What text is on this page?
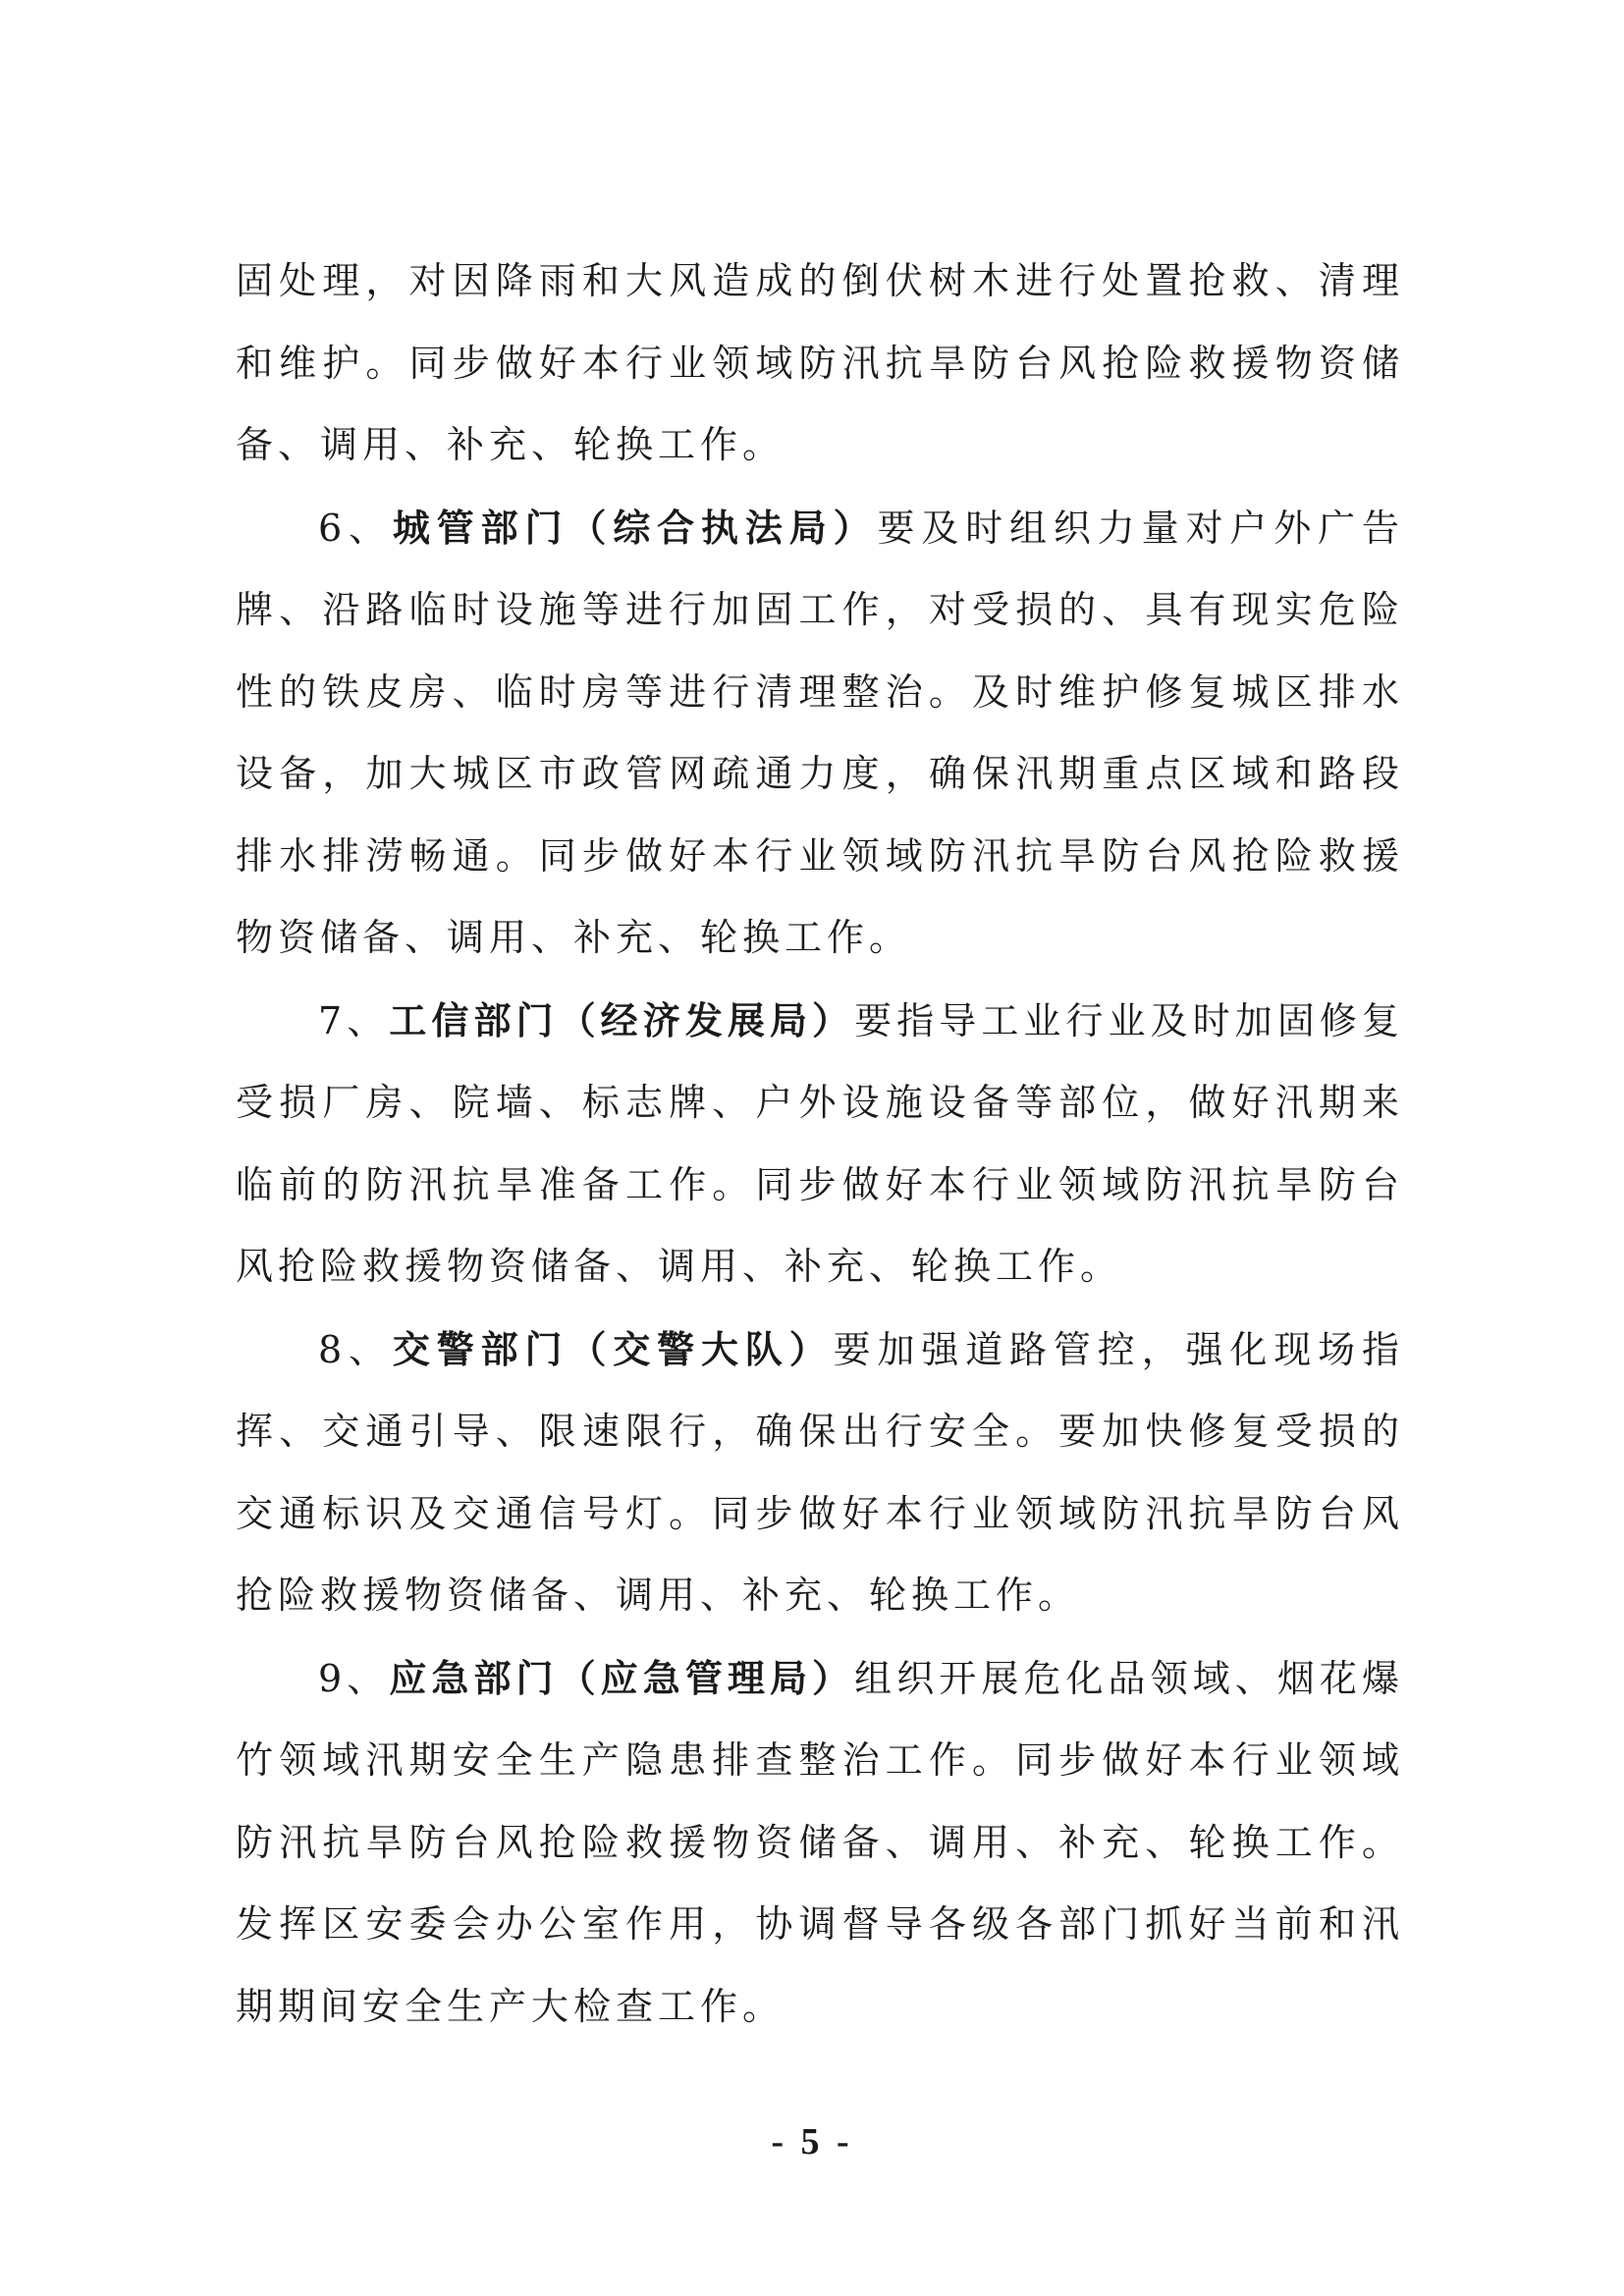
固处理，对因降雨和大风造成的倒伏树木进行处置抢救、清理和维护。同步做好本行业领域防汛抗旱防台风抢险救援物资储备、调用、补充、轮换工作。

6、城管部门（综合执法局）要及时组织力量对户外广告牌、沿路临时设施等进行加固工作，对受损的、具有现实危险性的铁皮房、临时房等进行清理整治。及时维护修复城区排水设备，加大城区市政管网疏通力度，确保汛期重点区域和路段排水排涝畅通。同步做好本行业领域防汛抗旱防台风抢险救援物资储备、调用、补充、轮换工作。

7、工信部门（经济发展局）要指导工业行业及时加固修复受损厂房、院墙、标志牌、户外设施设备等部位，做好汛期来临前的防汛抗旱准备工作。同步做好本行业领域防汛抗旱防台风抢险救援物资储备、调用、补充、轮换工作。

8、交警部门（交警大队）要加强道路管控，强化现场指挥、交通引导、限速限行，确保出行安全。要加快修复受损的交通标识及交通信号灯。同步做好本行业领域防汛抗旱防台风抢险救援物资储备、调用、补充、轮换工作。

9、应急部门（应急管理局）组织开展危化品领域、烟花爆竹领域汛期安全生产隐患排查整治工作。同步做好本行业领域防汛抗旱防台风抢险救援物资储备、调用、补充、轮换工作。发挥区安委会办公室作用，协调督导各级各部门抓好当前和汛期期间安全生产大检查工作。

- 5 -
